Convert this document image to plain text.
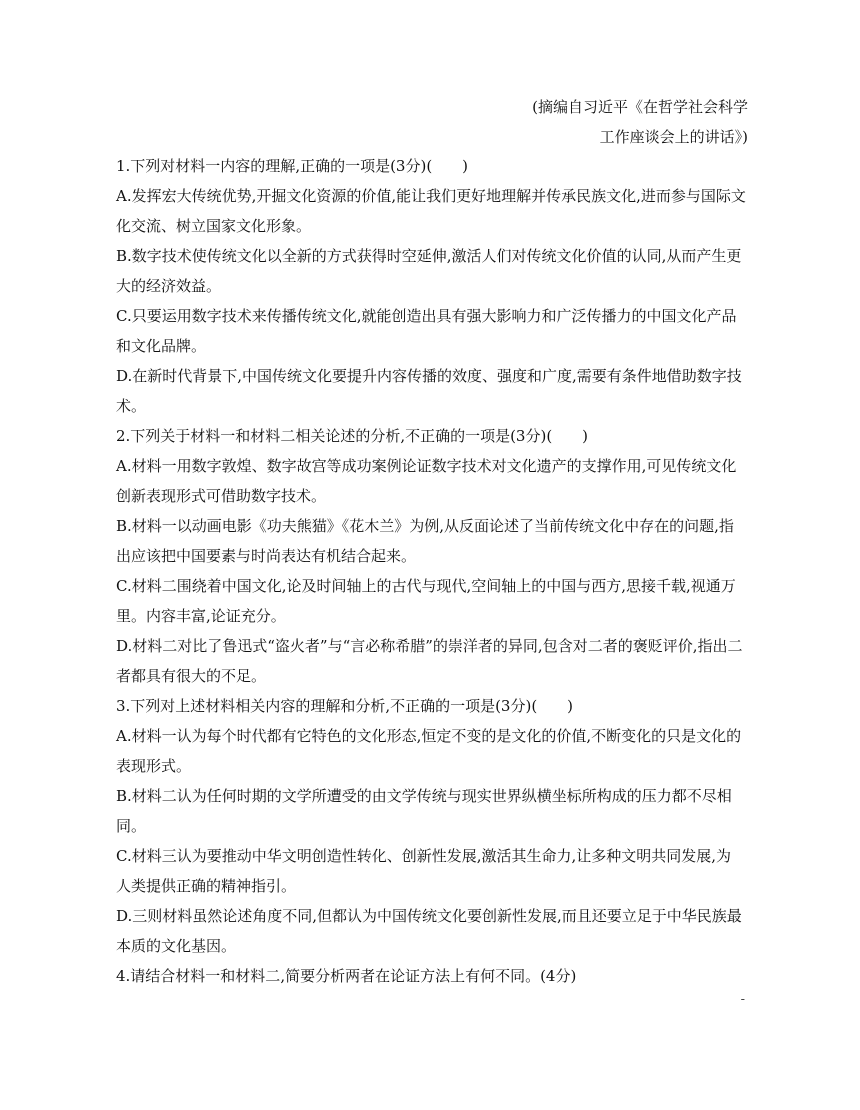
(摘编自习近平《在哲学社会科学
工作座谈会上的讲话》)

1.下列对材料一内容的理解,正确的一项是(3分)(　　)

A.发挥宏大传统优势,开掘文化资源的价值,能让我们更好地理解并传承民族文化,进而参与国际文化交流、树立国家文化形象。

B.数字技术使传统文化以全新的方式获得时空延伸,激活人们对传统文化价值的认同,从而产生更大的经济效益。

C.只要运用数字技术来传播传统文化,就能创造出具有强大影响力和广泛传播力的中国文化产品和文化品牌。

D.在新时代背景下,中国传统文化要提升内容传播的效度、强度和广度,需要有条件地借助数字技术。

2.下列关于材料一和材料二相关论述的分析,不正确的一项是(3分)(　　)

A.材料一用数字敦煌、数字故宫等成功案例论证数字技术对文化遗产的支撑作用,可见传统文化创新表现形式可借助数字技术。

B.材料一以动画电影《功夫熊猫》《花木兰》为例,从反面论述了当前传统文化中存在的问题,指出应该把中国要素与时尚表达有机结合起来。

C.材料二围绕着中国文化,论及时间轴上的古代与现代,空间轴上的中国与西方,思接千载,视通万里。内容丰富,论证充分。

D.材料二对比了鲁迅式“盗火者”与“言必称希腊”的崇洋者的异同,包含对二者的褒贬评价,指出二者都具有很大的不足。

3.下列对上述材料相关内容的理解和分析,不正确的一项是(3分)(　　)

A.材料一认为每个时代都有它特色的文化形态,恒定不变的是文化的价值,不断变化的只是文化的表现形式。

B.材料二认为任何时期的文学所遭受的由文学传统与现实世界纵横坐标所构成的压力都不尽相同。

C.材料三认为要推动中华文明创造性转化、创新性发展,激活其生命力,让多种文明共同发展,为人类提供正确的精神指引。

D.三则材料虽然论述角度不同,但都认为中国传统文化要创新性发展,而且还要立足于中华民族最本质的文化基因。

4.请结合材料一和材料二,简要分析两者在论证方法上有何不同。(4分)

-
